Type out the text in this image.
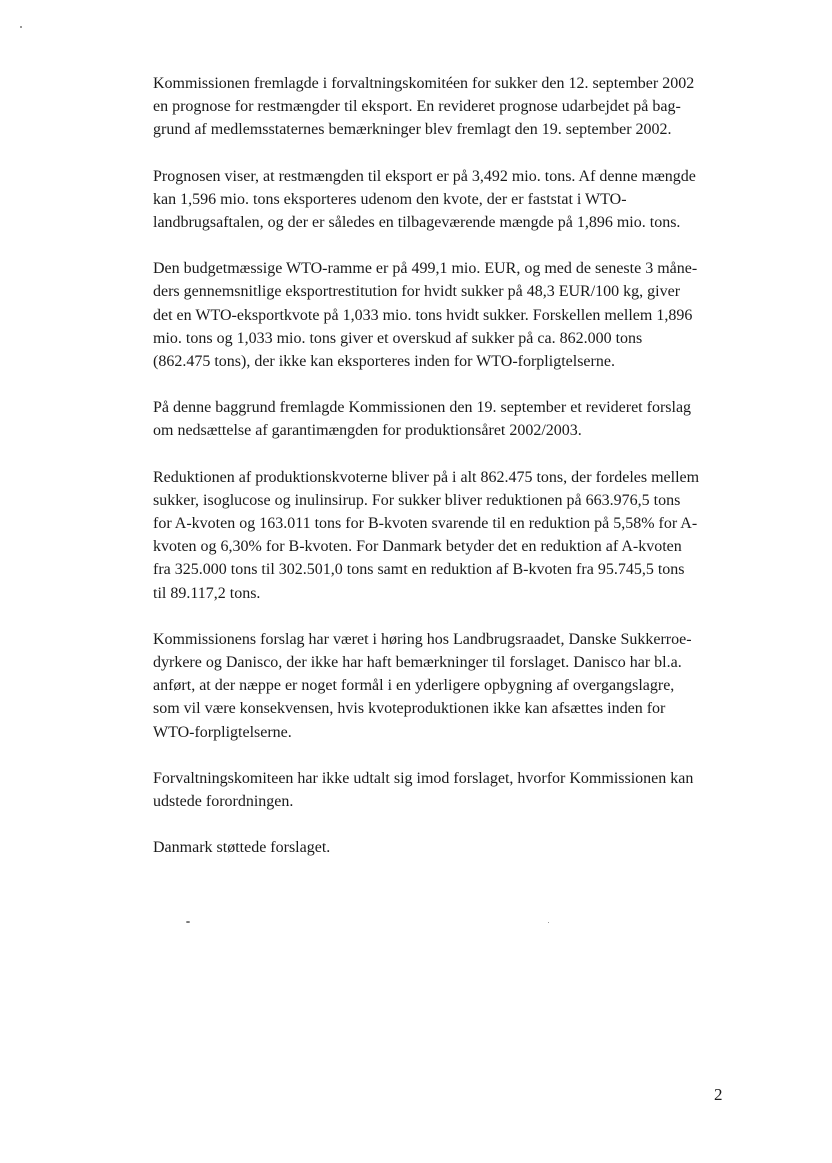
Kommissionen fremlagde i forvaltningskomitéen for sukker den 12. september 2002
en prognose for restmængder til eksport. En revideret prognose udarbejdet på bag-
grund af medlemsstaternes bemærkninger blev fremlagt den 19. september 2002.

Prognosen viser, at restmængden til eksport er på 3,492 mio. tons. Af denne mængde
kan 1,596 mio. tons eksporteres udenom den kvote, der er faststat i WTO-
landbrugsaftalen, og der er således en tilbageværende mængde på 1,896 mio. tons.

Den budgetmæssige WTO-ramme er på 499,1 mio. EUR, og med de seneste 3 måne-
ders gennemsnitlige eksportrestitution for hvidt sukker på 48,3 EUR/100 kg, giver
det en WTO-eksportkvote på 1,033 mio. tons hvidt sukker. Forskellen mellem 1,896
mio. tons og 1,033 mio. tons giver et overskud af sukker på ca. 862.000 tons
(862.475 tons), der ikke kan eksporteres inden for WTO-forpligtelserne.

På denne baggrund fremlagde Kommissionen den 19. september et revideret forslag
om nedsættelse af garantimængden for produktionsåret 2002/2003.

Reduktionen af produktionskvoterne bliver på i alt 862.475 tons, der fordeles mellem
sukker, isoglucose og inulinsirup. For sukker bliver reduktionen på 663.976,5 tons
for A-kvoten og 163.011 tons for B-kvoten svarende til en reduktion på 5,58% for A-
kvoten og 6,30% for B-kvoten. For Danmark betyder det en reduktion af A-kvoten
fra 325.000 tons til 302.501,0 tons samt en reduktion af B-kvoten fra 95.745,5 tons
til 89.117,2 tons.

Kommissionens forslag har været i høring hos Landbrugsraadet, Danske Sukkerroe-
dyrkere og Danisco, der ikke har haft bemærkninger til forslaget. Danisco har bl.a.
anført, at der næppe er noget formål i en yderligere opbygning af overgangslagre,
som vil være konsekvensen, hvis kvoteproduktionen ikke kan afsættes inden for
WTO-forpligtelserne.

Forvaltningskomiteen har ikke udtalt sig imod forslaget, hvorfor Kommissionen kan
udstede forordningen.

Danmark støttede forslaget.

2
